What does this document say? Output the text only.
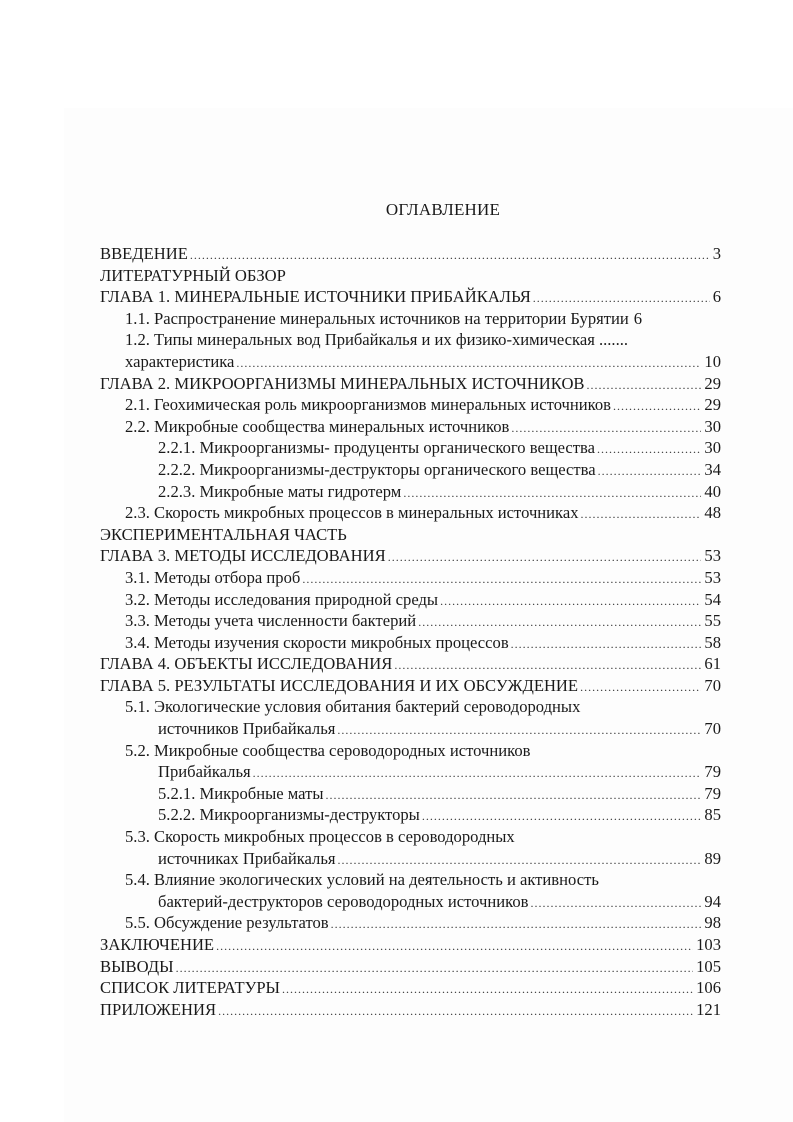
ОГЛАВЛЕНИЕ
ВВЕДЕНИЕ .....	3
ЛИТЕРАТУРНЫЙ ОБЗОР
ГЛАВА 1. МИНЕРАЛЬНЫЕ ИСТОЧНИКИ ПРИБАЙКАЛЬЯ .....	6
1.1. Распространение минеральных источников на территории Бурятии 6
1.2. Типы минеральных вод Прибайкалья и их физико-химическая .......
характеристика .....	10
ГЛАВА 2. МИКРООРГАНИЗМЫ МИНЕРАЛЬНЫХ ИСТОЧНИКОВ .....	29
2.1. Геохимическая роль микроорганизмов минеральных источников .....	29
2.2. Микробные сообщества минеральных источников .....	30
2.2.1. Микроорганизмы- продуценты органического вещества .....	30
2.2.2. Микроорганизмы-деструкторы органического вещества .....	34
2.2.3. Микробные маты гидротерм .....	40
2.3. Скорость микробных процессов в минеральных источниках .....	48
ЭКСПЕРИМЕНТАЛЬНАЯ ЧАСТЬ
ГЛАВА 3. МЕТОДЫ ИССЛЕДОВАНИЯ .....	53
3.1. Методы отбора проб .....	53
3.2. Методы исследования природной среды .....	54
3.3. Методы учета численности бактерий .....	55
3.4. Методы изучения скорости микробных процессов .....	58
ГЛАВА 4. ОБЪЕКТЫ ИССЛЕДОВАНИЯ .....	61
ГЛАВА 5. РЕЗУЛЬТАТЫ ИССЛЕДОВАНИЯ И ИХ ОБСУЖДЕНИЕ .....	70
5.1. Экологические условия обитания бактерий сероводородных
источников Прибайкалья .....	70
5.2. Микробные сообщества сероводородных источников
Прибайкалья .....	79
5.2.1. Микробные маты .....	79
5.2.2. Микроорганизмы-деструкторы .....	85
5.3. Скорость микробных процессов в сероводородных
источниках Прибайкалья .....	89
5.4. Влияние экологических условий на деятельность и активность
бактерий-деструкторов сероводородных источников .....	94
5.5. Обсуждение результатов .....	98
ЗАКЛЮЧЕНИЕ .....	103
ВЫВОДЫ .....	105
СПИСОК ЛИТЕРАТУРЫ .....	106
ПРИЛОЖЕНИЯ .....	121
